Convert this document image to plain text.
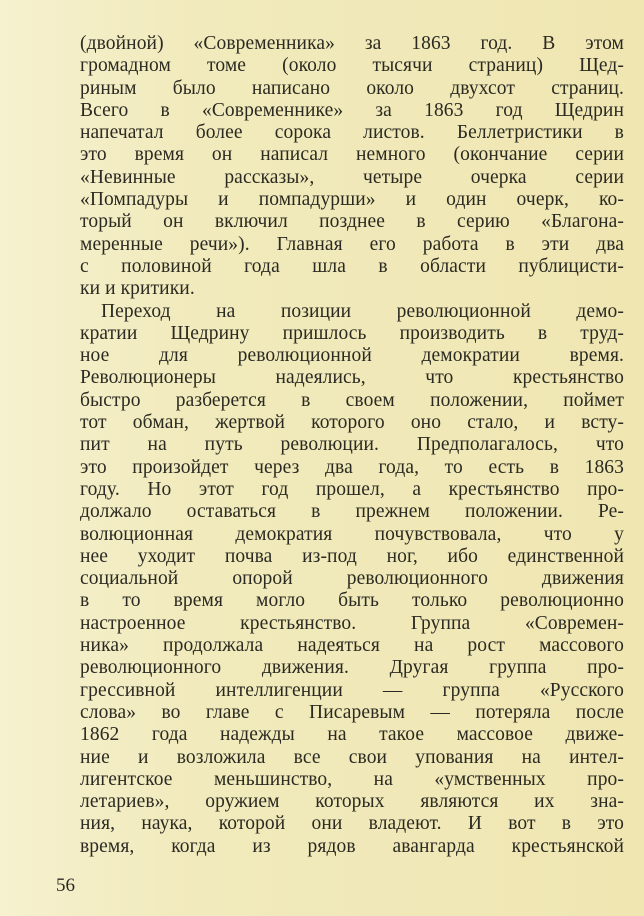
(двойной) «Современника» за 1863 год. В этом
громадном томе (около тысячи страниц) Щед-
риным было написано около двухсот страниц.
Всего в «Современнике» за 1863 год Щедрин
напечатал более сорока листов. Беллетристики в
это время он написал немного (окончание серии
«Невинные рассказы», четыре очерка серии
«Помпадуры и помпадурши» и один очерк, ко-
торый он включил позднее в серию «Благона-
меренные речи»). Главная его работа в эти два
с половиной года шла в области публицисти-
ки и критики.
Переход на позиции революционной демо-
кратии Щедрину пришлось производить в труд-
ное для революционной демократии время.
Революционеры надеялись, что крестьянство
быстро разберется в своем положении, поймет
тот обман, жертвой которого оно стало, и всту-
пит на путь революции. Предполагалось, что
это произойдет через два года, то есть в 1863
году. Но этот год прошел, а крестьянство про-
должало оставаться в прежнем положении. Ре-
волюционная демократия почувствовала, что у
нее уходит почва из-под ног, ибо единственной
социальной опорой революционного движения
в то время могло быть только революционно
настроенное крестьянство. Группа «Современ-
ника» продолжала надеяться на рост массового
революционного движения. Другая группа про-
грессивной интеллигенции — группа «Русского
слова» во главе с Писаревым — потеряла после
1862 года надежды на такое массовое движе-
ние и возложила все свои упования на интел-
лигентское меньшинство, на «умственных про-
летариев», оружием которых являются их зна-
ния, наука, которой они владеют. И вот в это
время, когда из рядов авангарда крестьянской
56
